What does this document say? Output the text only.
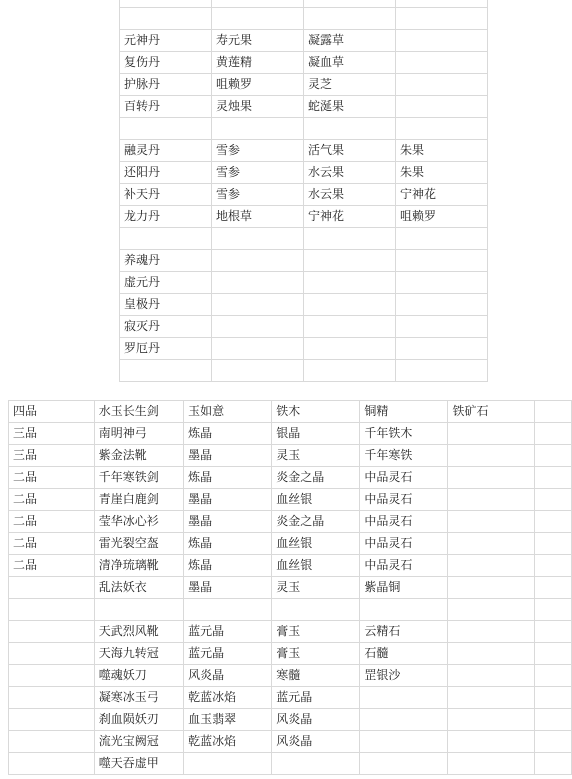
元神丹	寿元果	凝露草	
复伤丹	黄莲精	凝血草	
护脉丹	咀赖罗	灵芝	
百转丹	灵烛果	蛇涎果	

融灵丹	雪参	活气果	朱果
还阳丹	雪参	水云果	朱果
补天丹	雪参	水云果	宁神花
龙力丹	地根草	宁神花	咀赖罗

养魂丹			
虚元丹			
皇极丹			
寂灭丹			
罗厄丹			

四品	水玉长生剑	玉如意	铁木	铜精	铁矿石	
三品	南明神弓	炼晶	银晶	千年铁木		
三品	紫金法靴	墨晶	灵玉	千年寒铁		
二品	千年寒铁剑	炼晶	炎金之晶	中品灵石		
二品	青崖白鹿剑	墨晶	血丝银	中品灵石		
二品	莹华冰心衫	墨晶	炎金之晶	中品灵石		
二品	雷光裂空盔	炼晶	血丝银	中品灵石		
二品	清净琉璃靴	炼晶	血丝银	中品灵石		
	乱法妖衣	墨晶	灵玉	紫晶铜		

	天武烈风靴	蓝元晶	膏玉	云精石		
	天海九转冠	蓝元晶	膏玉	石髓		
	噬魂妖刀	风炎晶	寒髓	罡银沙		
	凝寒冰玉弓	乾蓝冰焰	蓝元晶			
	刹血陨妖刃	血玉翡翠	风炎晶			
	流光宝阙冠	乾蓝冰焰	风炎晶			
	噬天吞虚甲					
